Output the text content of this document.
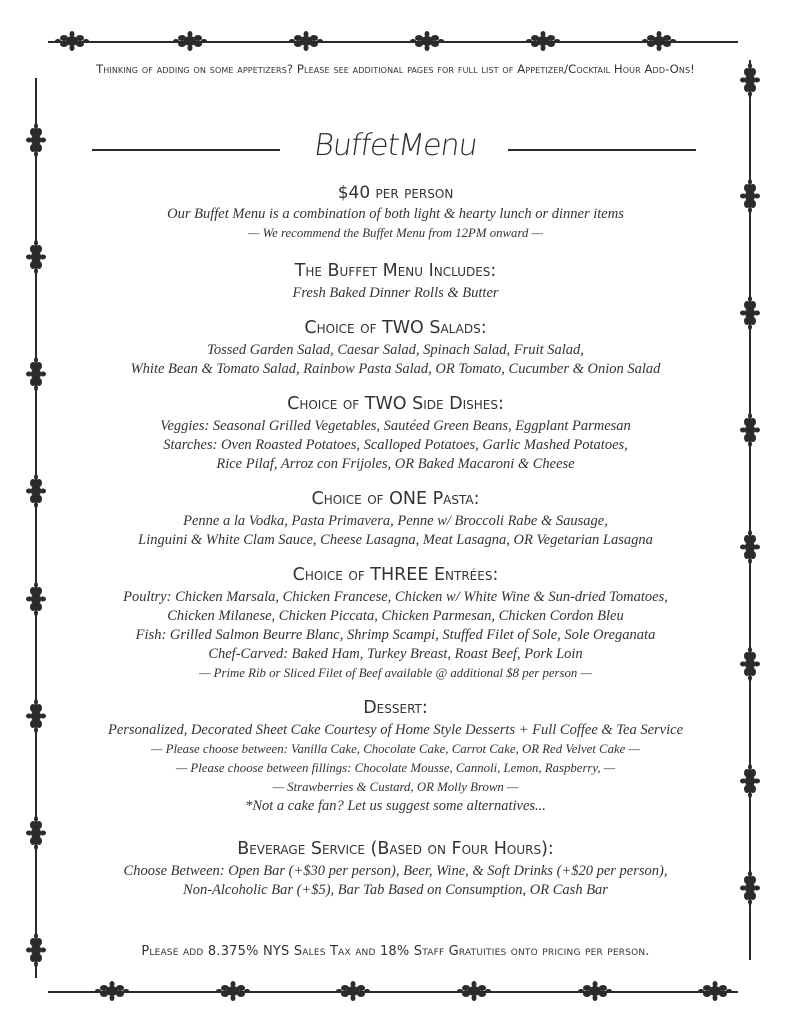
Thinking of adding on some appetizers? Please see additional pages for full list of Appetizer/Cocktail Hour Add-Ons!
BuffetMenu

$40 per person

Our Buffet Menu is a combination of both light & hearty lunch or dinner items

— We recommend the Buffet Menu from 12PM onward —

The Buffet Menu Includes:

Fresh Baked Dinner Rolls & Butter

Choice of TWO Salads:

Tossed Garden Salad, Caesar Salad, Spinach Salad, Fruit Salad,

White Bean & Tomato Salad, Rainbow Pasta Salad, OR Tomato, Cucumber & Onion Salad

Choice of TWO Side Dishes:

Veggies: Seasonal Grilled Vegetables, Sautéed Green Beans, Eggplant Parmesan

Starches: Oven Roasted Potatoes, Scalloped Potatoes, Garlic Mashed Potatoes,

Rice Pilaf, Arroz con Frijoles, OR Baked Macaroni & Cheese

Choice of ONE Pasta:

Penne a la Vodka, Pasta Primavera, Penne w/ Broccoli Rabe & Sausage,

Linguini & White Clam Sauce, Cheese Lasagna, Meat Lasagna, OR Vegetarian Lasagna

Choice of THREE Entrées:

Poultry: Chicken Marsala, Chicken Francese, Chicken w/ White Wine & Sun-dried Tomatoes,

Chicken Milanese, Chicken Piccata, Chicken Parmesan, Chicken Cordon Bleu

Fish: Grilled Salmon Beurre Blanc, Shrimp Scampi, Stuffed Filet of Sole, Sole Oreganata

Chef-Carved: Baked Ham, Turkey Breast, Roast Beef, Pork Loin

— Prime Rib or Sliced Filet of Beef available @ additional $8 per person —

Dessert:

Personalized, Decorated Sheet Cake Courtesy of Home Style Desserts + Full Coffee & Tea Service

— Please choose between: Vanilla Cake, Chocolate Cake, Carrot Cake, OR Red Velvet Cake —

— Please choose between fillings: Chocolate Mousse, Cannoli, Lemon, Raspberry, —

— Strawberries & Custard, OR Molly Brown —

*Not a cake fan? Let us suggest some alternatives...

Beverage Service (Based on Four Hours):

Choose Between: Open Bar (+$30 per person), Beer, Wine, & Soft Drinks (+$20 per person),

Non-Alcoholic Bar (+$5), Bar Tab Based on Consumption, OR Cash Bar

Please add 8.375% NYS Sales Tax and 18% Staff Gratuities onto pricing per person.
